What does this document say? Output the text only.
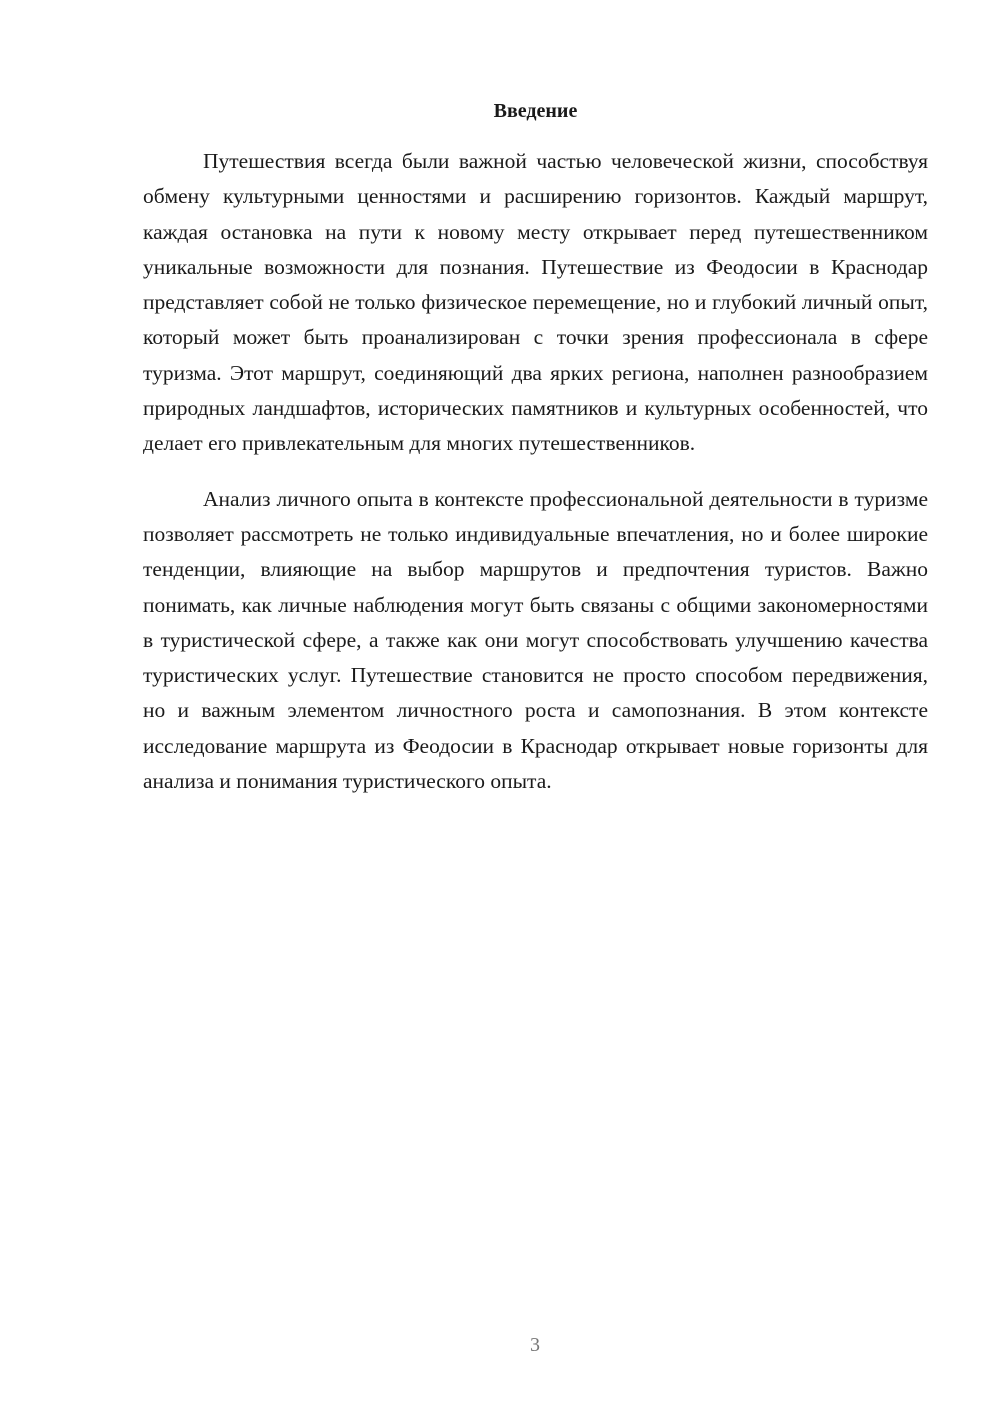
Введение

Путешествия всегда были важной частью человеческой жизни, способствуя обмену культурными ценностями и расширению горизонтов. Каждый маршрут, каждая остановка на пути к новому месту открывает перед путешественником уникальные возможности для познания. Путешествие из Феодосии в Краснодар представляет собой не только физическое перемещение, но и глубокий личный опыт, который может быть проанализирован с точки зрения профессионала в сфере туризма. Этот маршрут, соединяющий два ярких региона, наполнен разнообразием природных ландшафтов, исторических памятников и культурных особенностей, что делает его привлекательным для многих путешественников.

Анализ личного опыта в контексте профессиональной деятельности в туризме позволяет рассмотреть не только индивидуальные впечатления, но и более широкие тенденции, влияющие на выбор маршрутов и предпочтения туристов. Важно понимать, как личные наблюдения могут быть связаны с общими закономерностями в туристической сфере, а также как они могут способствовать улучшению качества туристических услуг. Путешествие становится не просто способом передвижения, но и важным элементом личностного роста и самопознания. В этом контексте исследование маршрута из Феодосии в Краснодар открывает новые горизонты для анализа и понимания туристического опыта.

3
